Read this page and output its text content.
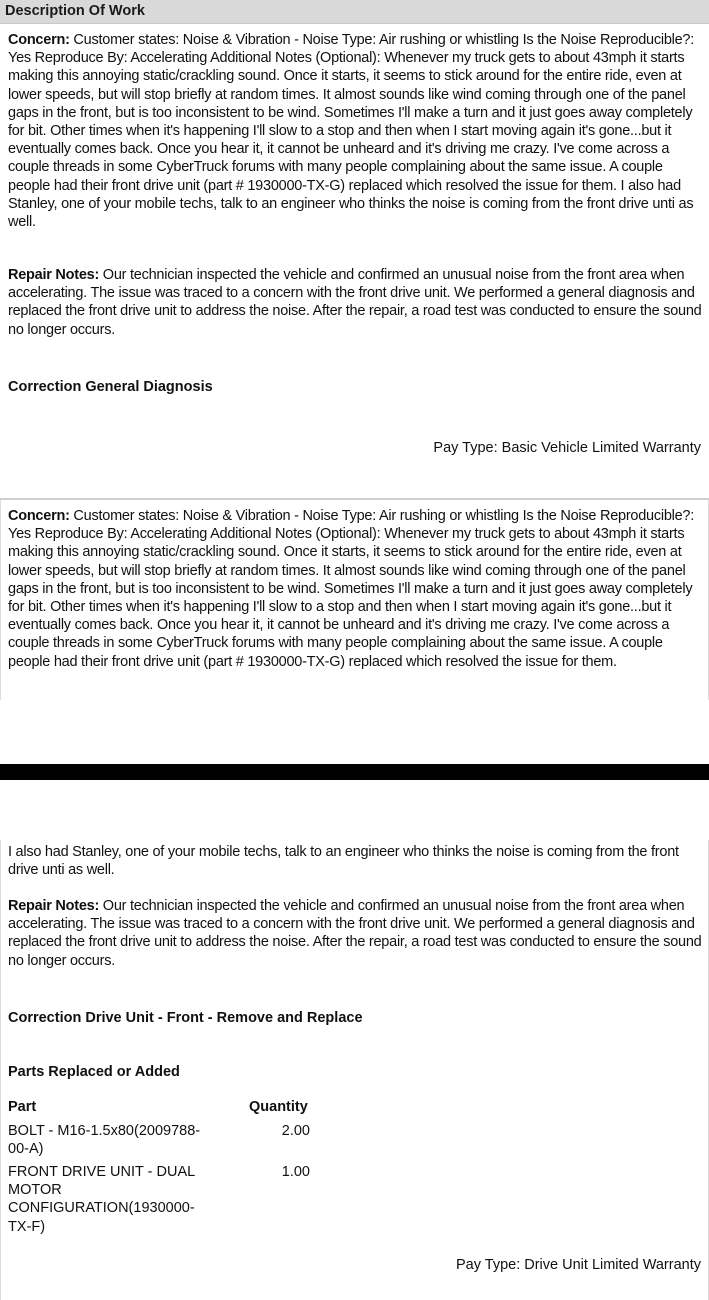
Description Of Work

Concern: Customer states: Noise & Vibration - Noise Type: Air rushing or whistling Is the Noise Reproducible?: Yes Reproduce By: Accelerating Additional Notes (Optional): Whenever my truck gets to about 43mph it starts making this annoying static/crackling sound. Once it starts, it seems to stick around for the entire ride, even at lower speeds, but will stop briefly at random times. It almost sounds like wind coming through one of the panel gaps in the front, but is too inconsistent to be wind. Sometimes I'll make a turn and it just goes away completely for bit. Other times when it's happening I'll slow to a stop and then when I start moving again it's gone...but it eventually comes back. Once you hear it, it cannot be unheard and it's driving me crazy. I've come across a couple threads in some CyberTruck forums with many people complaining about the same issue. A couple people had their front drive unit (part # 1930000-TX-G) replaced which resolved the issue for them. I also had Stanley, one of your mobile techs, talk to an engineer who thinks the noise is coming from the front drive unti as well.

Repair Notes: Our technician inspected the vehicle and confirmed an unusual noise from the front area when accelerating. The issue was traced to a concern with the front drive unit. We performed a general diagnosis and replaced the front drive unit to address the noise. After the repair, a road test was conducted to ensure the sound no longer occurs.

Correction General Diagnosis

Pay Type: Basic Vehicle Limited Warranty

Concern: Customer states: Noise & Vibration - Noise Type: Air rushing or whistling Is the Noise Reproducible?: Yes Reproduce By: Accelerating Additional Notes (Optional): Whenever my truck gets to about 43mph it starts making this annoying static/crackling sound. Once it starts, it seems to stick around for the entire ride, even at lower speeds, but will stop briefly at random times. It almost sounds like wind coming through one of the panel gaps in the front, but is too inconsistent to be wind. Sometimes I'll make a turn and it just goes away completely for bit. Other times when it's happening I'll slow to a stop and then when I start moving again it's gone...but it eventually comes back. Once you hear it, it cannot be unheard and it's driving me crazy. I've come across a couple threads in some CyberTruck forums with many people complaining about the same issue. A couple people had their front drive unit (part # 1930000-TX-G) replaced which resolved the issue for them.

I also had Stanley, one of your mobile techs, talk to an engineer who thinks the noise is coming from the front drive unti as well.

Repair Notes: Our technician inspected the vehicle and confirmed an unusual noise from the front area when accelerating. The issue was traced to a concern with the front drive unit. We performed a general diagnosis and replaced the front drive unit to address the noise. After the repair, a road test was conducted to ensure the sound no longer occurs.

Correction Drive Unit - Front - Remove and Replace

Parts Replaced or Added

Part	Quantity

BOLT - M16-1.5x80(2009788-00-A)

2.00

FRONT DRIVE UNIT - DUAL MOTOR CONFIGURATION(1930000-TX-F)

1.00

Pay Type: Drive Unit Limited Warranty
